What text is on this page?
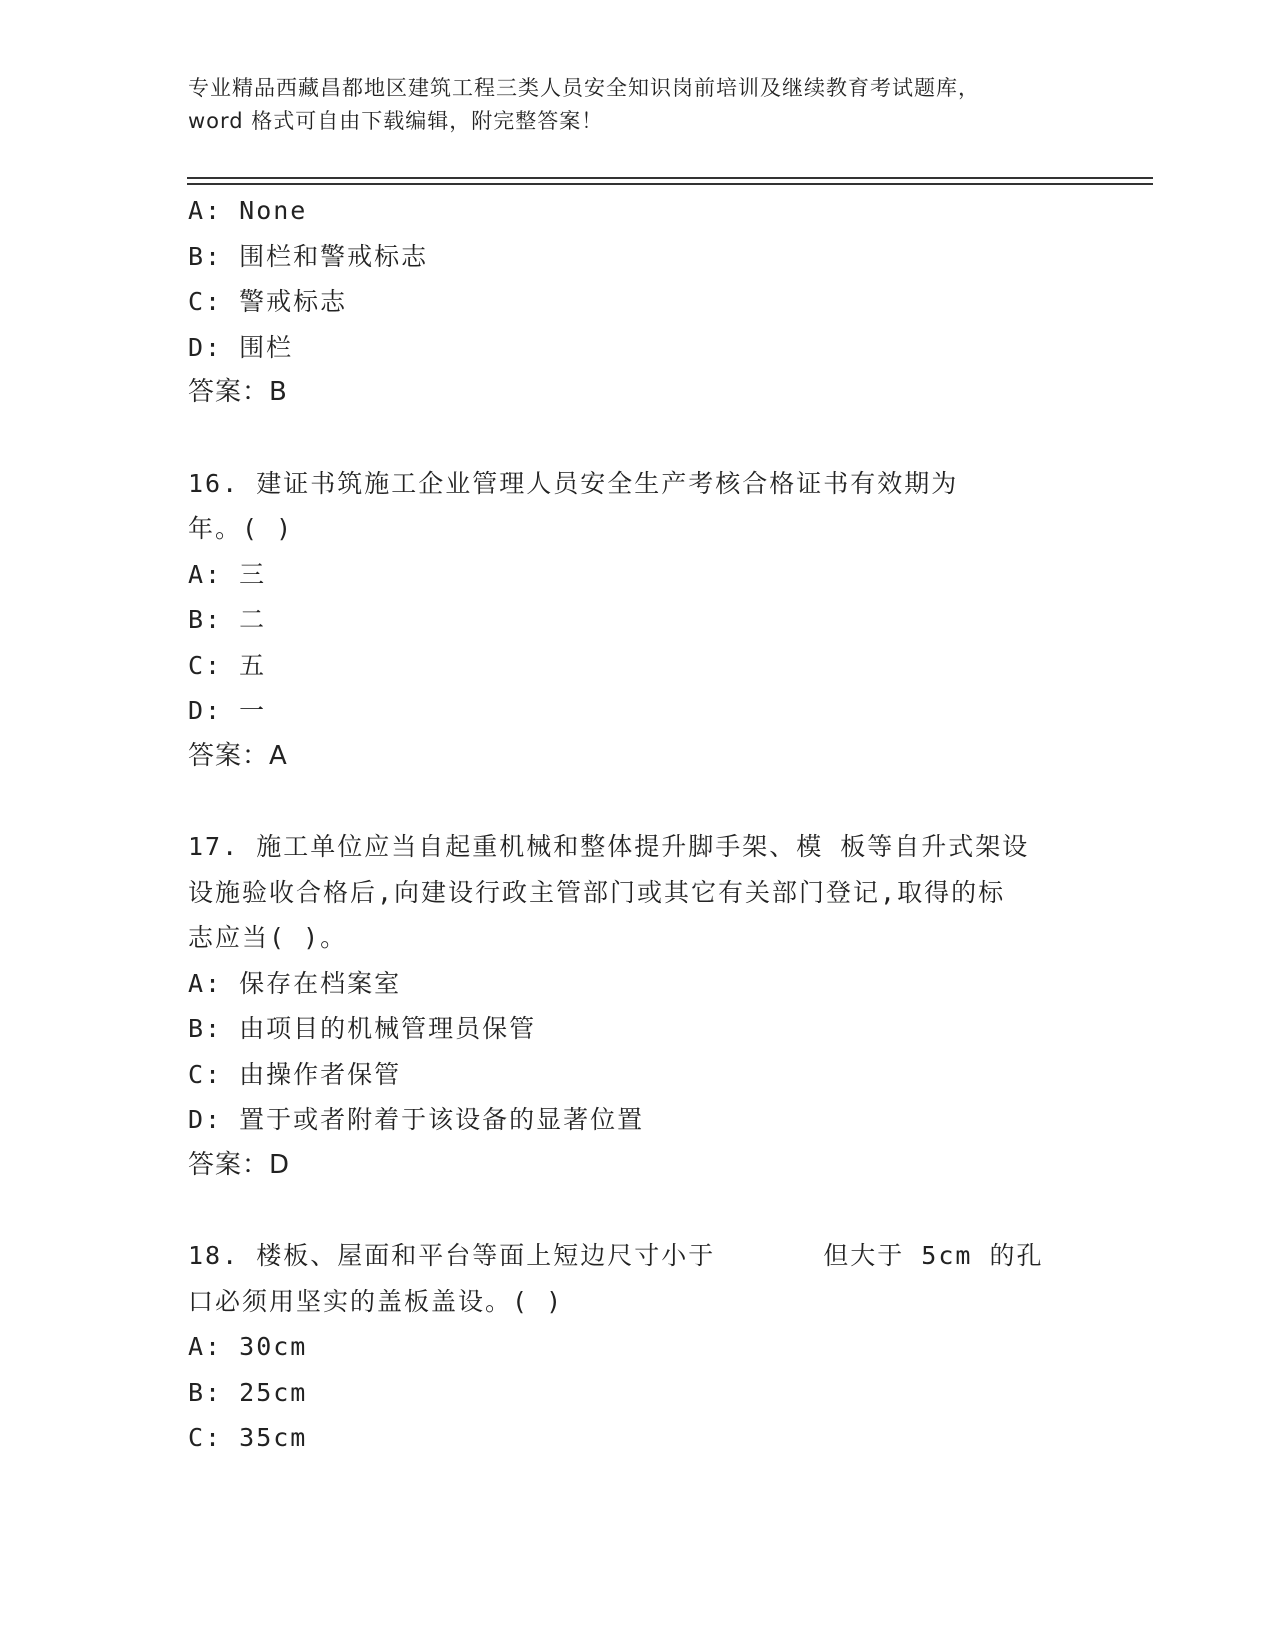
专业精品西藏昌都地区建筑工程三类人员安全知识岗前培训及继续教育考试题库，
word 格式可自由下载编辑，附完整答案！
A: None
B: 围栏和警戒标志
C: 警戒标志
D: 围栏
答案：B
16. 建证书筑施工企业管理人员安全生产考核合格证书有效期为
年。( )
A: 三
B: 二
C: 五
D: 一
答案：A
17. 施工单位应当自起重机械和整体提升脚手架、模 板等自升式架设
设施验收合格后,向建设行政主管部门或其它有关部门登记,取得的标
志应当( )。
A: 保存在档案室
B: 由项目的机械管理员保管
C: 由操作者保管
D: 置于或者附着于该设备的显著位置
答案：D
18. 楼板、屋面和平台等面上短边尺寸小于	但大于 5cm 的孔
口必须用坚实的盖板盖设。( )
A: 30cm
B: 25cm
C: 35cm
